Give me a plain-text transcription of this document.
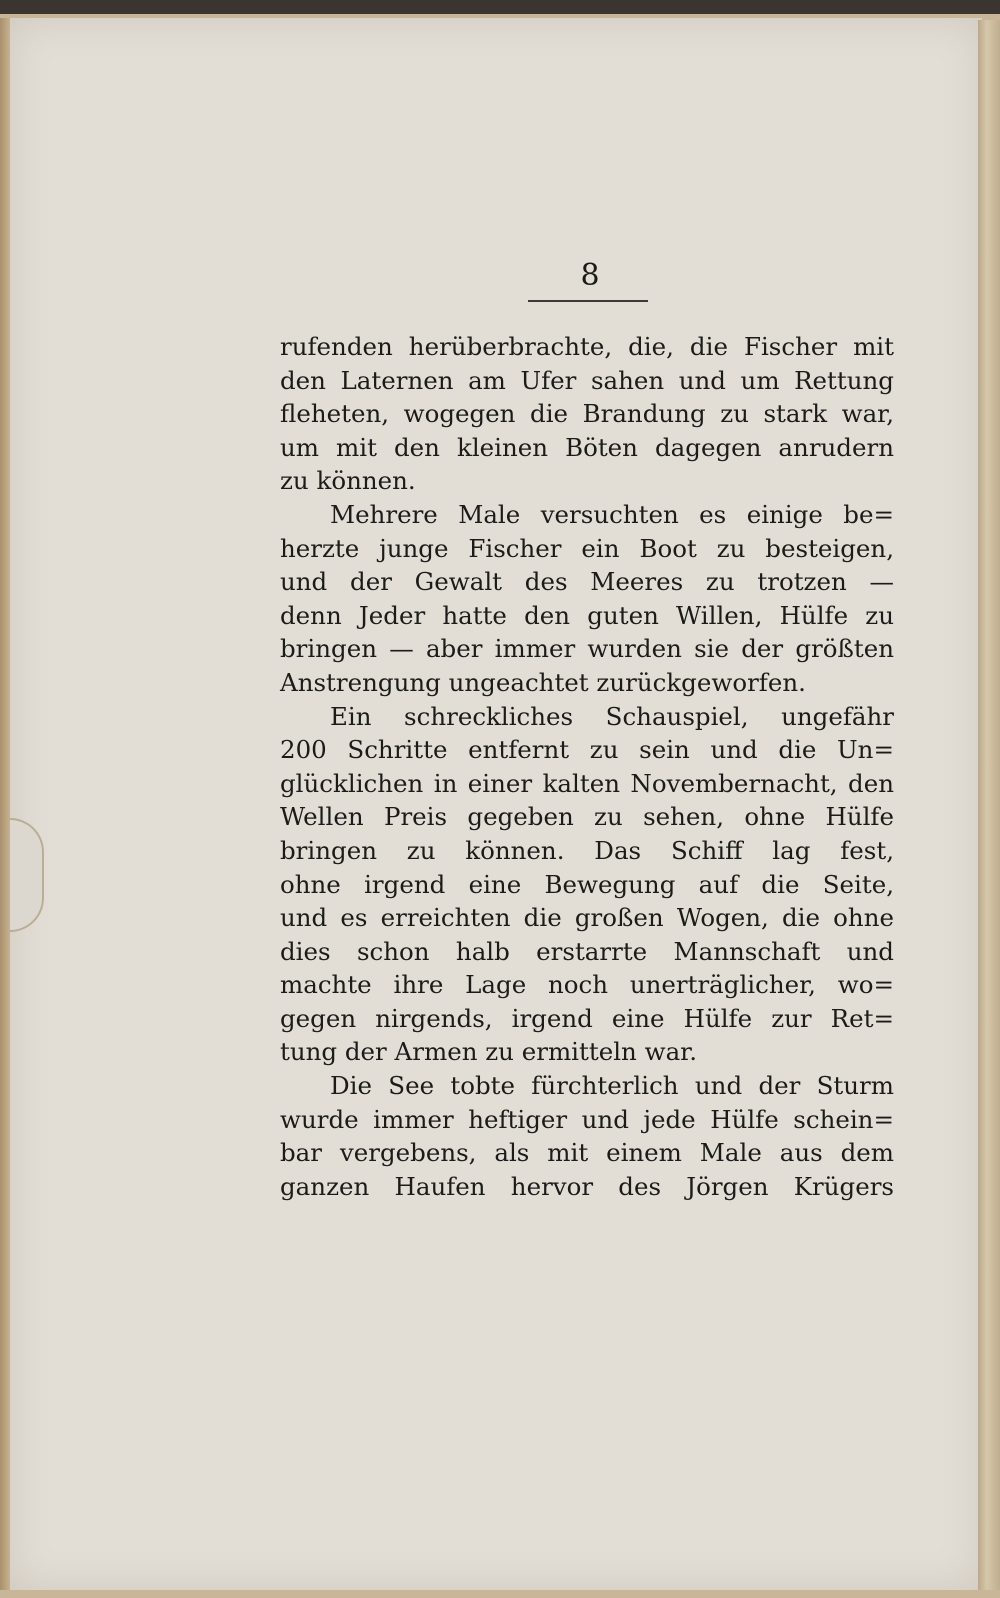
8
rufenden herüberbrachte, die, die Fischer mit
den Laternen am Ufer sahen und um Rettung
fleheten, wogegen die Brandung zu stark war,
um mit den kleinen Böten dagegen anrudern
zu können.
Mehrere Male versuchten es einige be=
herzte junge Fischer ein Boot zu besteigen,
und der Gewalt des Meeres zu trotzen —
denn Jeder hatte den guten Willen, Hülfe zu
bringen — aber immer wurden sie der größten
Anstrengung ungeachtet zurückgeworfen.
Ein schreckliches Schauspiel, ungefähr
200 Schritte entfernt zu sein und die Un=
glücklichen in einer kalten Novembernacht, den
Wellen Preis gegeben zu sehen, ohne Hülfe
bringen zu können. Das Schiff lag fest,
ohne irgend eine Bewegung auf die Seite,
und es erreichten die großen Wogen, die ohne
dies schon halb erstarrte Mannschaft und
machte ihre Lage noch unerträglicher, wo=
gegen nirgends, irgend eine Hülfe zur Ret=
tung der Armen zu ermitteln war.
Die See tobte fürchterlich und der Sturm
wurde immer heftiger und jede Hülfe schein=
bar vergebens, als mit einem Male aus dem
ganzen Haufen hervor des Jörgen Krügers
